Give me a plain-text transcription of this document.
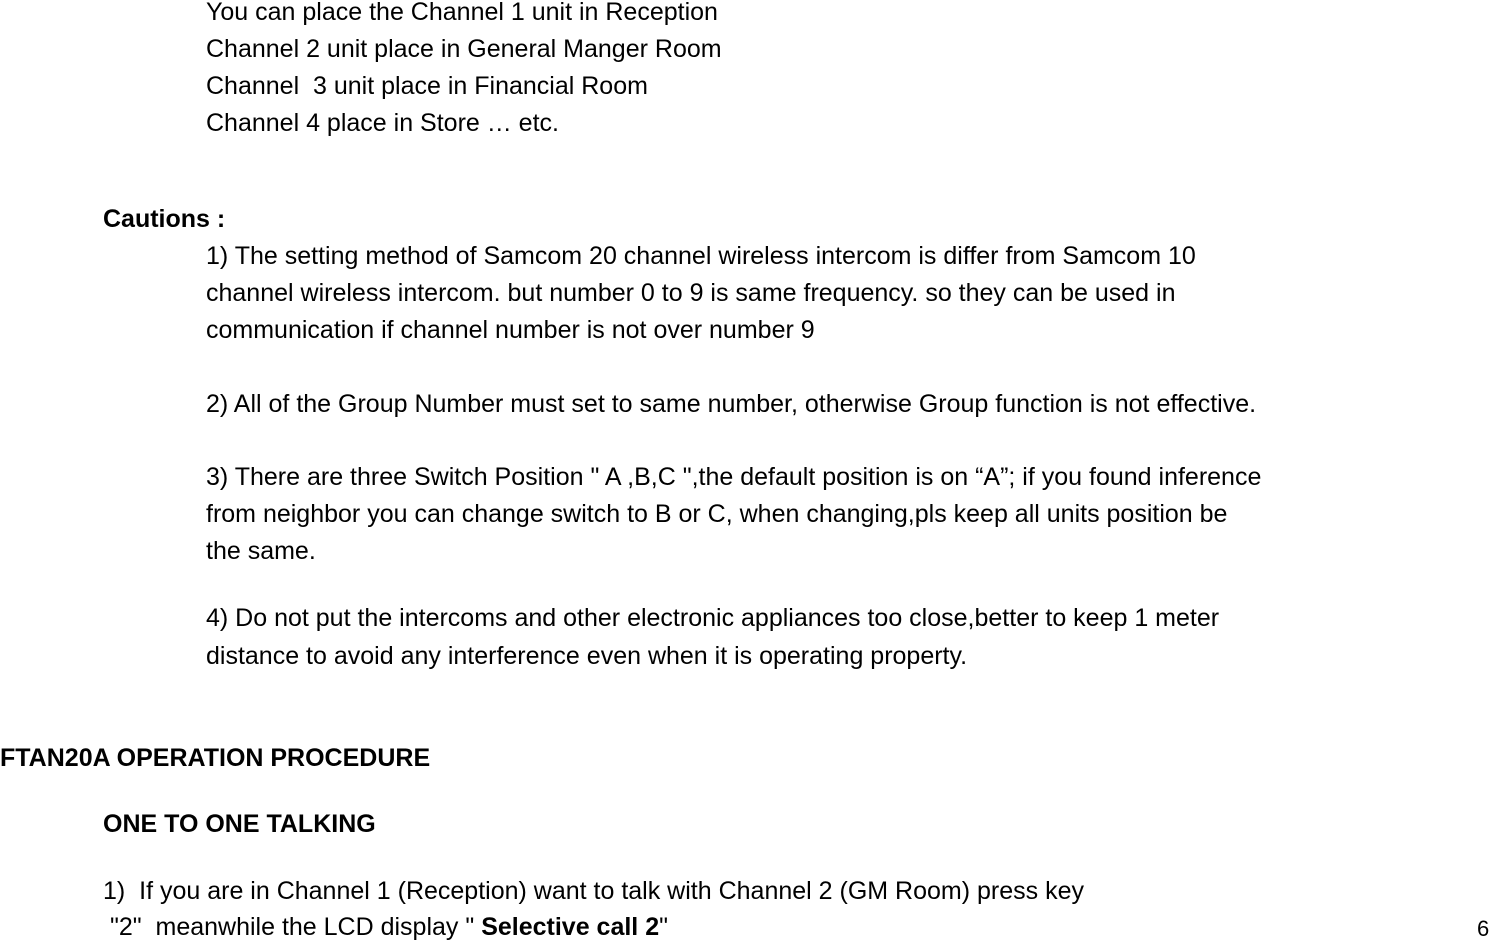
You can place the Channel 1 unit in Reception
Channel 2 unit place in General Manger Room
Channel  3 unit place in Financial Room
Channel 4 place in Store … etc.
Cautions :
1) The setting method of Samcom 20 channel wireless intercom is differ from Samcom 10
channel wireless intercom. but number 0 to 9 is same frequency. so they can be used in
communication if channel number is not over number 9
2) All of the Group Number must set to same number, otherwise Group function is not effective.
3) There are three Switch Position " A ,B,C ",the default position is on “A”; if you found inference
from neighbor you can change switch to B or C, when changing,pls keep all units position be
the same.
4) Do not put the intercoms and other electronic appliances too close,better to keep 1 meter
distance to avoid any interference even when it is operating property.
FTAN20A OPERATION PROCEDURE
ONE TO ONE TALKING
1)  If you are in Channel 1 (Reception) want to talk with Channel 2 (GM Room) press key
"2"  meanwhile the LCD display " Selective call 2"	6
